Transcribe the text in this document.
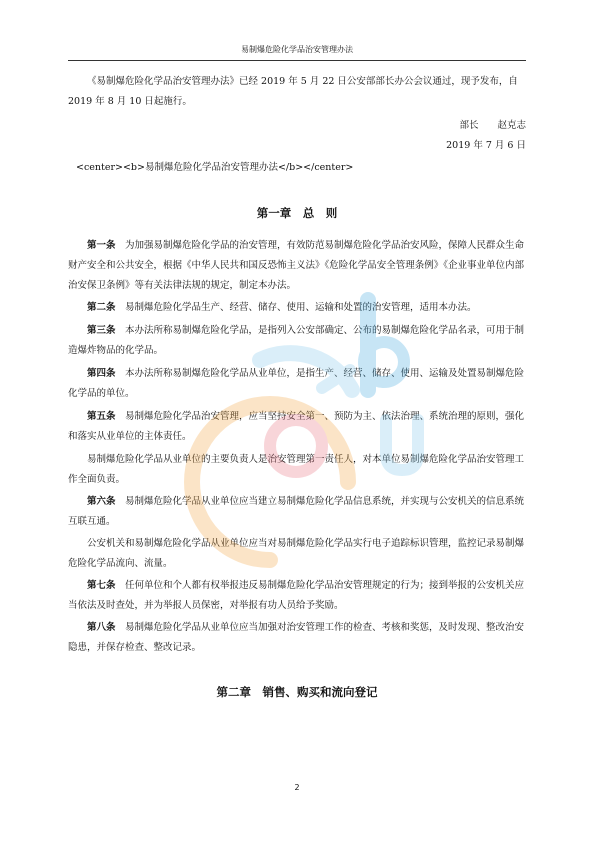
易制爆危险化学品治安管理办法

《易制爆危险化学品治安管理办法》已经 2019 年 5 月 22 日公安部部长办公会议通过，现予发布，自 2019 年 8 月 10 日起施行。

部长　　赵克志

2019 年 7 月 6 日

<center><b>易制爆危险化学品治安管理办法</b></center>

第一章　总　则

第一条　 为加强易制爆危险化学品的治安管理，有效防范易制爆危险化学品治安风险，保障人民群众生命财产安全和公共安全，根据《中华人民共和国反恐怖主义法》《危险化学品安全管理条例》《企业事业单位内部治安保卫条例》等有关法律法规的规定，制定本办法。

第二条　 易制爆危险化学品生产、经营、储存、使用、运输和处置的治安管理，适用本办法。

第三条　 本办法所称易制爆危险化学品，是指列入公安部确定、公布的易制爆危险化学品名录，可用于制造爆炸物品的化学品。

第四条　 本办法所称易制爆危险化学品从业单位，是指生产、经营、储存、使用、运输及处置易制爆危险化学品的单位。

第五条　 易制爆危险化学品治安管理，应当坚持安全第一、预防为主、依法治理、系统治理的原则，强化和落实从业单位的主体责任。

易制爆危险化学品从业单位的主要负责人是治安管理第一责任人，对本单位易制爆危险化学品治安管理工作全面负责。

第六条　 易制爆危险化学品从业单位应当建立易制爆危险化学品信息系统，并实现与公安机关的信息系统互联互通。

公安机关和易制爆危险化学品从业单位应当对易制爆危险化学品实行电子追踪标识管理，监控记录易制爆危险化学品流向、流量。

第七条　 任何单位和个人都有权举报违反易制爆危险化学品治安管理规定的行为；接到举报的公安机关应当依法及时查处，并为举报人员保密，对举报有功人员给予奖励。

第八条　 易制爆危险化学品从业单位应当加强对治安管理工作的检查、考核和奖惩，及时发现、整改治安隐患，并保存检查、整改记录。

第二章　销售、购买和流向登记
2
